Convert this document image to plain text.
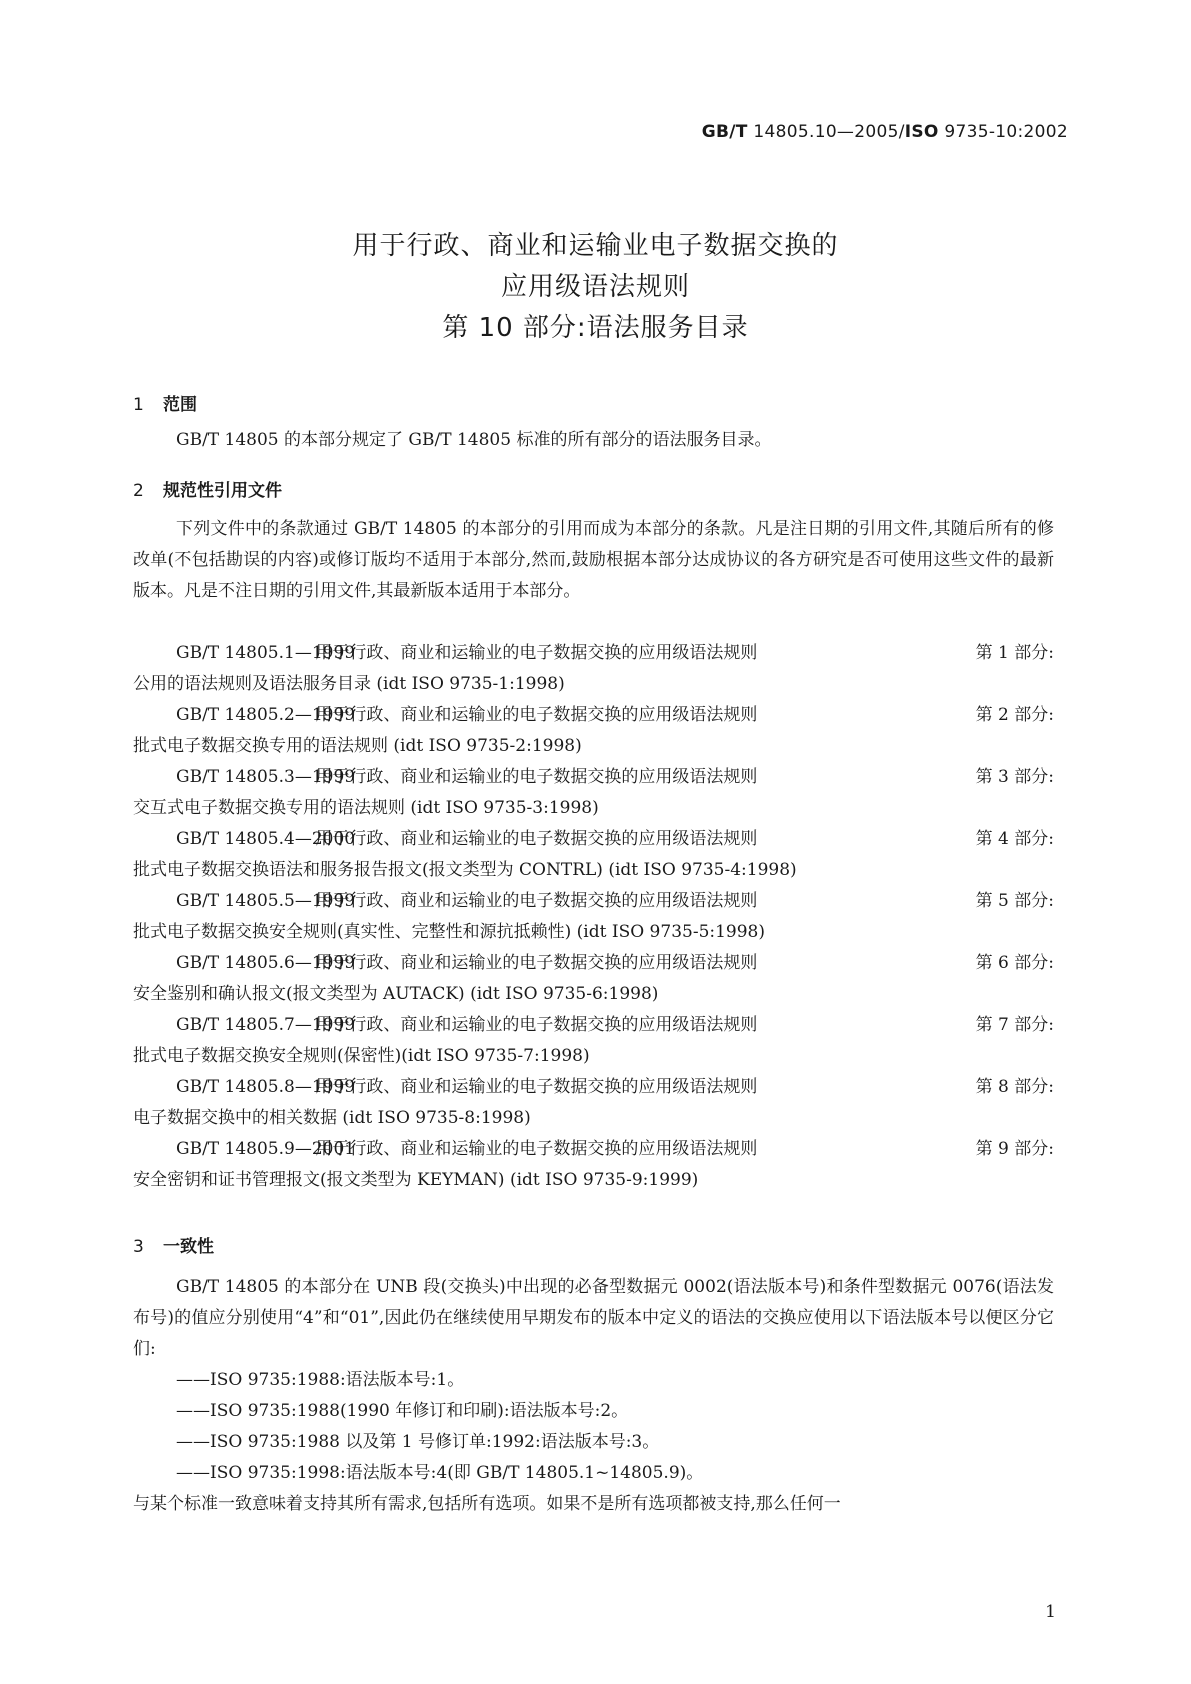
GB/T 14805.10—2005/ISO 9735-10:2002
用于行政、商业和运输业电子数据交换的
应用级语法规则
第 10 部分:语法服务目录
1 范围
GB/T 14805 的本部分规定了 GB/T 14805 标准的所有部分的语法服务目录。
2 规范性引用文件
下列文件中的条款通过 GB/T 14805 的本部分的引用而成为本部分的条款。凡是注日期的引用文件,其随后所有的修改单(不包括勘误的内容)或修订版均不适用于本部分,然而,鼓励根据本部分达成协议的各方研究是否可使用这些文件的最新版本。凡是不注日期的引用文件,其最新版本适用于本部分。
GB/T 14805.1—1999 用于行政、商业和运输业的电子数据交换的应用级语法规则	第 1 部分:
公用的语法规则及语法服务目录 (idt ISO 9735-1:1998)
GB/T 14805.2—1999 用于行政、商业和运输业的电子数据交换的应用级语法规则	第 2 部分:
批式电子数据交换专用的语法规则 (idt ISO 9735-2:1998)
GB/T 14805.3—1999 用于行政、商业和运输业的电子数据交换的应用级语法规则	第 3 部分:
交互式电子数据交换专用的语法规则 (idt ISO 9735-3:1998)
GB/T 14805.4—2000 用于行政、商业和运输业的电子数据交换的应用级语法规则	第 4 部分:
批式电子数据交换语法和服务报告报文(报文类型为 CONTRL) (idt ISO 9735-4:1998)
GB/T 14805.5—1999 用于行政、商业和运输业的电子数据交换的应用级语法规则	第 5 部分:
批式电子数据交换安全规则(真实性、完整性和源抗抵赖性) (idt ISO 9735-5:1998)
GB/T 14805.6—1999 用于行政、商业和运输业的电子数据交换的应用级语法规则	第 6 部分:
安全鉴别和确认报文(报文类型为 AUTACK) (idt ISO 9735-6:1998)
GB/T 14805.7—1999 用于行政、商业和运输业的电子数据交换的应用级语法规则	第 7 部分:
批式电子数据交换安全规则(保密性)(idt ISO 9735-7:1998)
GB/T 14805.8—1999 用于行政、商业和运输业的电子数据交换的应用级语法规则	第 8 部分:
电子数据交换中的相关数据 (idt ISO 9735-8:1998)
GB/T 14805.9—2001 用于行政、商业和运输业的电子数据交换的应用级语法规则	第 9 部分:
安全密钥和证书管理报文(报文类型为 KEYMAN) (idt ISO 9735-9:1999)
3 一致性
GB/T 14805 的本部分在 UNB 段(交换头)中出现的必备型数据元 0002(语法版本号)和条件型数据元 0076(语法发布号)的值应分别使用“4”和“01”,因此仍在继续使用早期发布的版本中定义的语法的交换应使用以下语法版本号以便区分它们:
——ISO 9735:1988:语法版本号:1。
——ISO 9735:1988(1990 年修订和印刷):语法版本号:2。
——ISO 9735:1988 以及第 1 号修订单:1992:语法版本号:3。
——ISO 9735:1998:语法版本号:4(即 GB/T 14805.1~14805.9)。
与某个标准一致意味着支持其所有需求,包括所有选项。如果不是所有选项都被支持,那么任何一
1
